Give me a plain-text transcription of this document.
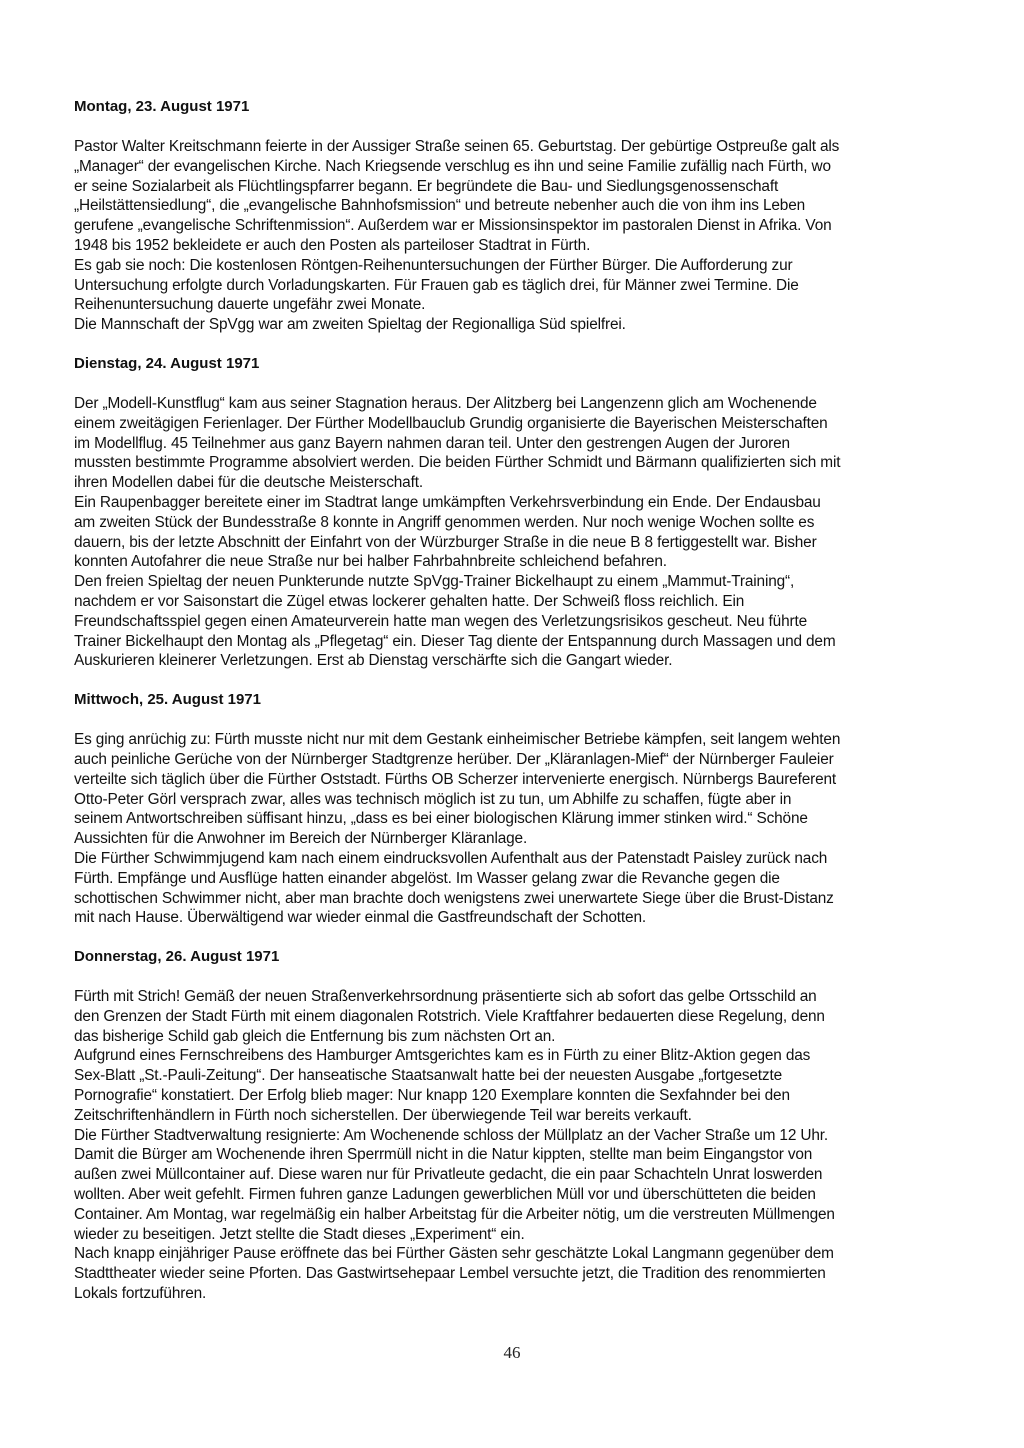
Montag, 23. August 1971

Pastor Walter Kreitschmann feierte in der Aussiger Straße seinen 65. Geburtstag. Der gebürtige Ostpreuße galt als
„Manager“ der evangelischen Kirche. Nach Kriegsende verschlug es ihn und seine Familie zufällig nach Fürth, wo
er seine Sozialarbeit als Flüchtlingspfarrer begann. Er begründete die Bau- und Siedlungsgenossenschaft
„Heilstättensiedlung“, die „evangelische Bahnhofsmission“ und betreute nebenher auch die von ihm ins Leben
gerufene „evangelische Schriftenmission“. Außerdem war er Missionsinspektor im pastoralen Dienst in Afrika. Von
1948 bis 1952 bekleidete er auch den Posten als parteiloser Stadtrat in Fürth.
Es gab sie noch: Die kostenlosen Röntgen-Reihenuntersuchungen der Fürther Bürger. Die Aufforderung zur
Untersuchung erfolgte durch Vorladungskarten. Für Frauen gab es täglich drei, für Männer zwei Termine. Die
Reihenuntersuchung dauerte ungefähr zwei Monate.
Die Mannschaft der SpVgg war am zweiten Spieltag der Regionalliga Süd spielfrei.

Dienstag, 24. August 1971

Der „Modell-Kunstflug“ kam aus seiner Stagnation heraus. Der Alitzberg bei Langenzenn glich am Wochenende
einem zweitägigen Ferienlager. Der Fürther Modellbauclub Grundig organisierte die Bayerischen Meisterschaften
im Modellflug. 45 Teilnehmer aus ganz Bayern nahmen daran teil. Unter den gestrengen Augen der Juroren
mussten bestimmte Programme absolviert werden. Die beiden Fürther Schmidt und Bärmann qualifizierten sich mit
ihren Modellen dabei für die deutsche Meisterschaft.
Ein Raupenbagger bereitete einer im Stadtrat lange umkämpften Verkehrsverbindung ein Ende. Der Endausbau
am zweiten Stück der Bundesstraße 8 konnte in Angriff genommen werden. Nur noch wenige Wochen sollte es
dauern, bis der letzte Abschnitt der Einfahrt von der Würzburger Straße in die neue B 8 fertiggestellt war. Bisher
konnten Autofahrer die neue Straße nur bei halber Fahrbahnbreite schleichend befahren.
Den freien Spieltag der neuen Punkterunde nutzte SpVgg-Trainer Bickelhaupt zu einem „Mammut-Training“,
nachdem er vor Saisonstart die Zügel etwas lockerer gehalten hatte. Der Schweiß floss reichlich. Ein
Freundschaftsspiel gegen einen Amateurverein hatte man wegen des Verletzungsrisikos gescheut. Neu führte
Trainer Bickelhaupt den Montag als „Pflegetag“ ein. Dieser Tag diente der Entspannung durch Massagen und dem
Auskurieren kleinerer Verletzungen. Erst ab Dienstag verschärfte sich die Gangart wieder.

Mittwoch, 25. August 1971

Es ging anrüchig zu: Fürth musste nicht nur mit dem Gestank einheimischer Betriebe kämpfen, seit langem wehten
auch peinliche Gerüche von der Nürnberger Stadtgrenze herüber. Der „Kläranlagen-Mief“ der Nürnberger Fauleier
verteilte sich täglich über die Fürther Oststadt. Fürths OB Scherzer intervenierte energisch. Nürnbergs Baureferent
Otto-Peter Görl versprach zwar, alles was technisch möglich ist zu tun, um Abhilfe zu schaffen, fügte aber in
seinem Antwortschreiben süffisant hinzu, „dass es bei einer biologischen Klärung immer stinken wird.“ Schöne
Aussichten für die Anwohner im Bereich der Nürnberger Kläranlage.
Die Fürther Schwimmjugend kam nach einem eindrucksvollen Aufenthalt aus der Patenstadt Paisley zurück nach
Fürth. Empfänge und Ausflüge hatten einander abgelöst. Im Wasser gelang zwar die Revanche gegen die
schottischen Schwimmer nicht, aber man brachte doch wenigstens zwei unerwartete Siege über die Brust-Distanz
mit nach Hause. Überwältigend war wieder einmal die Gastfreundschaft der Schotten.

Donnerstag, 26. August 1971

Fürth mit Strich! Gemäß der neuen Straßenverkehrsordnung präsentierte sich ab sofort das gelbe Ortsschild an
den Grenzen der Stadt Fürth mit einem diagonalen Rotstrich. Viele Kraftfahrer bedauerten diese Regelung, denn
das bisherige Schild gab gleich die Entfernung bis zum nächsten Ort an.
Aufgrund eines Fernschreibens des Hamburger Amtsgerichtes kam es in Fürth zu einer Blitz-Aktion gegen das
Sex-Blatt „St.-Pauli-Zeitung“. Der hanseatische Staatsanwalt hatte bei der neuesten Ausgabe „fortgesetzte
Pornografie“ konstatiert. Der Erfolg blieb mager: Nur knapp 120 Exemplare konnten die Sexfahnder bei den
Zeitschriftenhändlern in Fürth noch sicherstellen. Der überwiegende Teil war bereits verkauft.
Die Fürther Stadtverwaltung resignierte: Am Wochenende schloss der Müllplatz an der Vacher Straße um 12 Uhr.
Damit die Bürger am Wochenende ihren Sperrmüll nicht in die Natur kippten, stellte man beim Eingangstor von
außen zwei Müllcontainer auf. Diese waren nur für Privatleute gedacht, die ein paar Schachteln Unrat loswerden
wollten. Aber weit gefehlt. Firmen fuhren ganze Ladungen gewerblichen Müll vor und überschütteten die beiden
Container. Am Montag, war regelmäßig ein halber Arbeitstag für die Arbeiter nötig, um die verstreuten Müllmengen
wieder zu beseitigen. Jetzt stellte die Stadt dieses „Experiment“ ein.
Nach knapp einjähriger Pause eröffnete das bei Fürther Gästen sehr geschätzte Lokal Langmann gegenüber dem
Stadttheater wieder seine Pforten. Das Gastwirtsehepaar Lembel versuchte jetzt, die Tradition des renommierten
Lokals fortzuführen.

46
